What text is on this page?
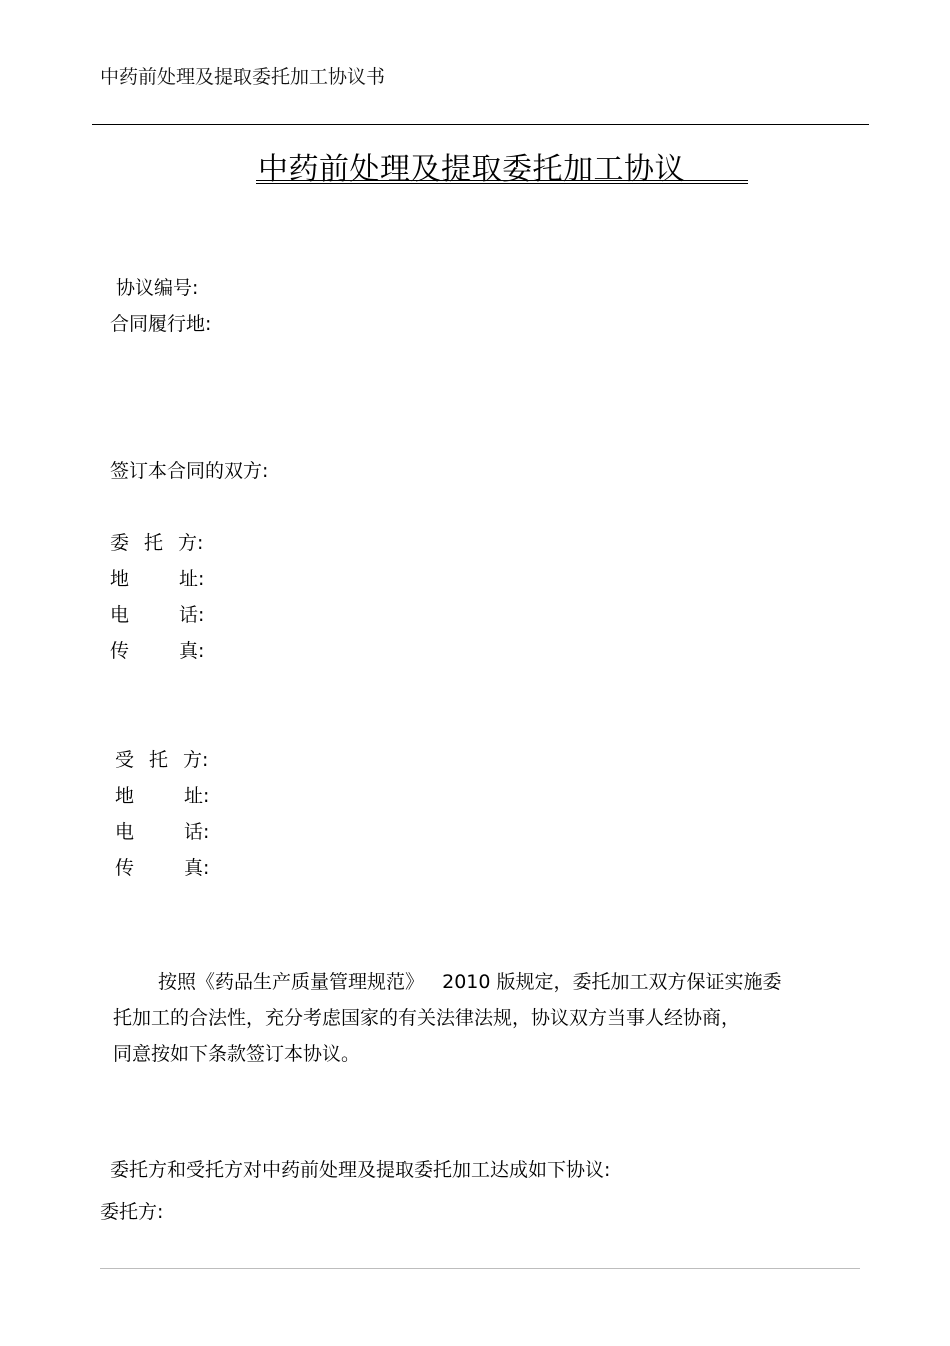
中药前处理及提取委托加工协议书
中药前处理及提取委托加工协议
协议编号:
合同履行地:
签订本合同的双方:
委 托 方:
地	址:
电	话:
传	真:
受 托 方:
地	址:
电	话:
传	真:

按照《药品生产质量管理规范》   2010 版规定，委托加工双方保证实施委

托加工的合法性，充分考虑国家的有关法律法规，协议双方当事人经协商，

同意按如下条款签订本协议。

委托方和受托方对中药前处理及提取委托加工达成如下协议:
委托方:
